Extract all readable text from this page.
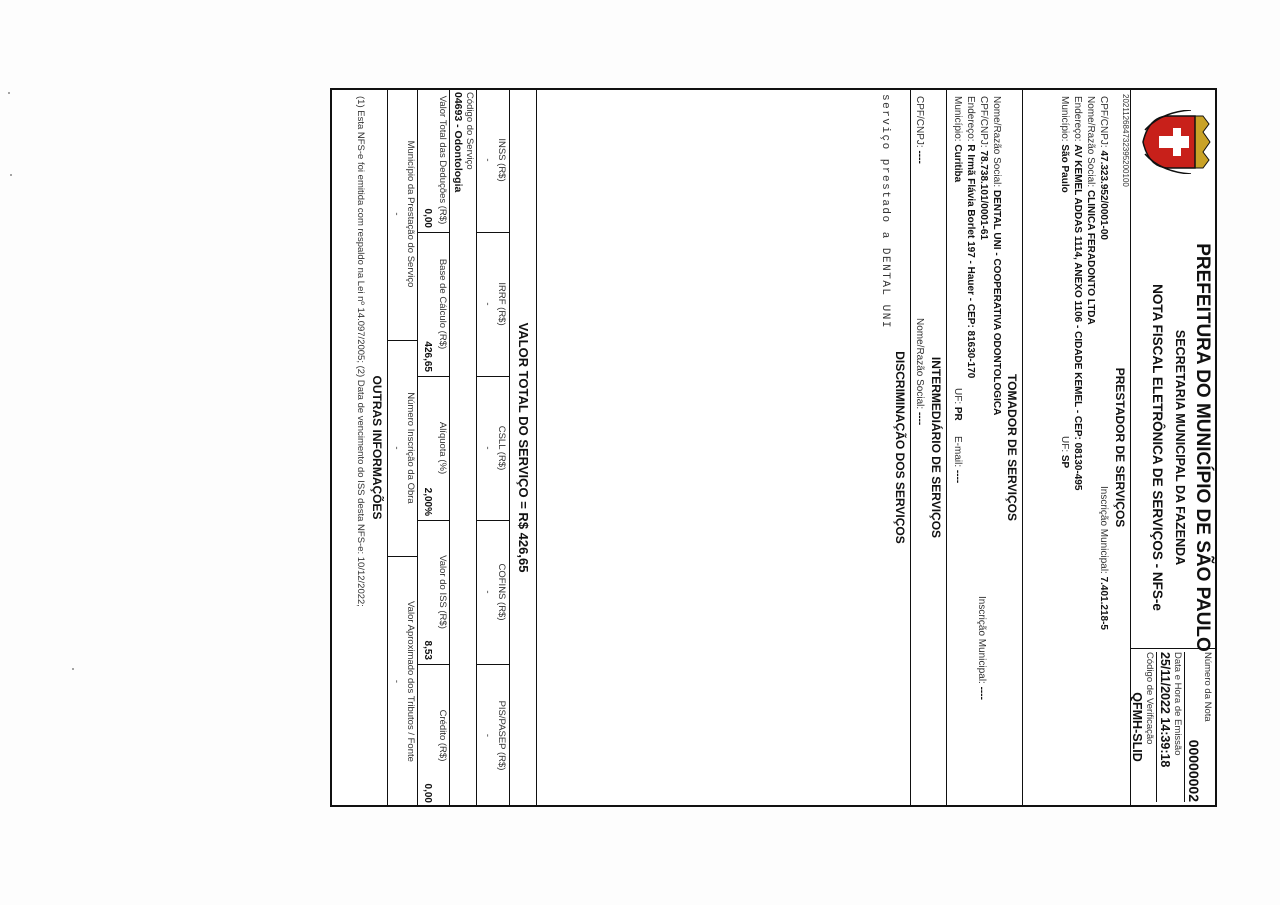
202112684732395200100
PREFEITURA DO MUNICÍPIO DE SÃO PAULO
SECRETARIA MUNICIPAL DA FAZENDA
NOTA FISCAL ELETRÔNICA DE SERVIÇOS - NFS-e
Número da Nota
00000002
Data e Hora de Emissão
25/11/2022 14:39:18
Código de Verificação
QFMH-SLID
PRESTADOR DE SERVIÇOS
CPF/CNPJ: 47.323.952/0001-00
Inscrição Municipal: 7.401.218-5
Nome/Razão Social: CLINICA FERADONTO LTDA
Endereço: AV KEMEL ADDAS 1114, ANEXO 1106 - CIDADE KEMEL - CEP: 08130-495
Município: São Paulo
UF: SP
TOMADOR DE SERVIÇOS
Nome/Razão Social: DENTAL UNI - COOPERATIVA ODONTOLOGICA
CPF/CNPJ: 78.738.101/0001-61
Inscrição Municipal: ----
Endereço: R Irmã Flávia Borlet 197 - Hauer - CEP: 81630-170
Município: Curitiba
UF: PR
E-mail: ----
INTERMEDIÁRIO DE SERVIÇOS
CPF/CNPJ: ----
Nome/Razão Social: ----
DISCRIMINAÇÃO DOS SERVIÇOS
serviço prestado a DENTAL UNI
VALOR TOTAL DO SERVIÇO = R$ 426,65
INSS (R$)
IRRF (R$)
CSLL (R$)
COFINS (R$)
PIS/PASEP (R$)
-
-
-
-
-
Código do Serviço
04693 - Odontologia
Valor Total das Deduções (R$)
Base de Cálculo (R$)
Alíquota (%)
Valor do ISS (R$)
Crédito (R$)
0,00
426,65
2,00%
8,53
0,00
Município da Prestação do Serviço
Número Inscrição da Obra
Valor Aproximado dos Tributos / Fonte
-
-
-
OUTRAS INFORMAÇÕES
(1) Esta NFS-e foi emitida com respaldo na Lei nº 14.097/2005; (2) Data de vencimento do ISS desta NFS-e: 10/12/2022;
